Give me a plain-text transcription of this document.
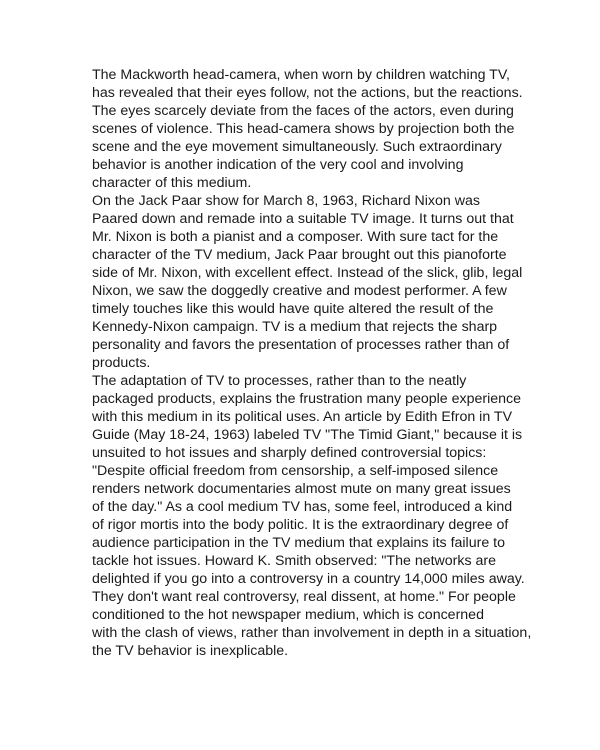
The Mackworth head-camera, when worn by children watching TV,
has revealed that their eyes follow, not the actions, but the reactions.
The eyes scarcely deviate from the faces of the actors, even during
scenes of violence. This head-camera shows by projection both the
scene and the eye movement simultaneously. Such extraordinary
behavior is another indication of the very cool and involving
character of this medium.
On the Jack Paar show for March 8, 1963, Richard Nixon was
Paared down and remade into a suitable TV image. It turns out that
Mr. Nixon is both a pianist and a composer. With sure tact for the
character of the TV medium, Jack Paar brought out this pianoforte
side of Mr. Nixon, with excellent effect. Instead of the slick, glib, legal
Nixon, we saw the doggedly creative and modest performer. A few
timely touches like this would have quite altered the result of the
Kennedy-Nixon campaign. TV is a medium that rejects the sharp
personality and favors the presentation of processes rather than of
products.
The adaptation of TV to processes, rather than to the neatly
packaged products, explains the frustration many people experience
with this medium in its political uses. An article by Edith Efron in TV
Guide (May 18-24, 1963) labeled TV "The Timid Giant," because it is
unsuited to hot issues and sharply defined controversial topics:
"Despite official freedom from censorship, a self-imposed silence
renders network documentaries almost mute on many great issues
of the day." As a cool medium TV has, some feel, introduced a kind
of rigor mortis into the body politic. It is the extraordinary degree of
audience participation in the TV medium that explains its failure to
tackle hot issues. Howard K. Smith observed: "The networks are
delighted if you go into a controversy in a country 14,000 miles away.
They don't want real controversy, real dissent, at home." For people
conditioned to the hot newspaper medium, which is concerned
with the clash of views, rather than involvement in depth in a situation,
the TV behavior is inexplicable.
